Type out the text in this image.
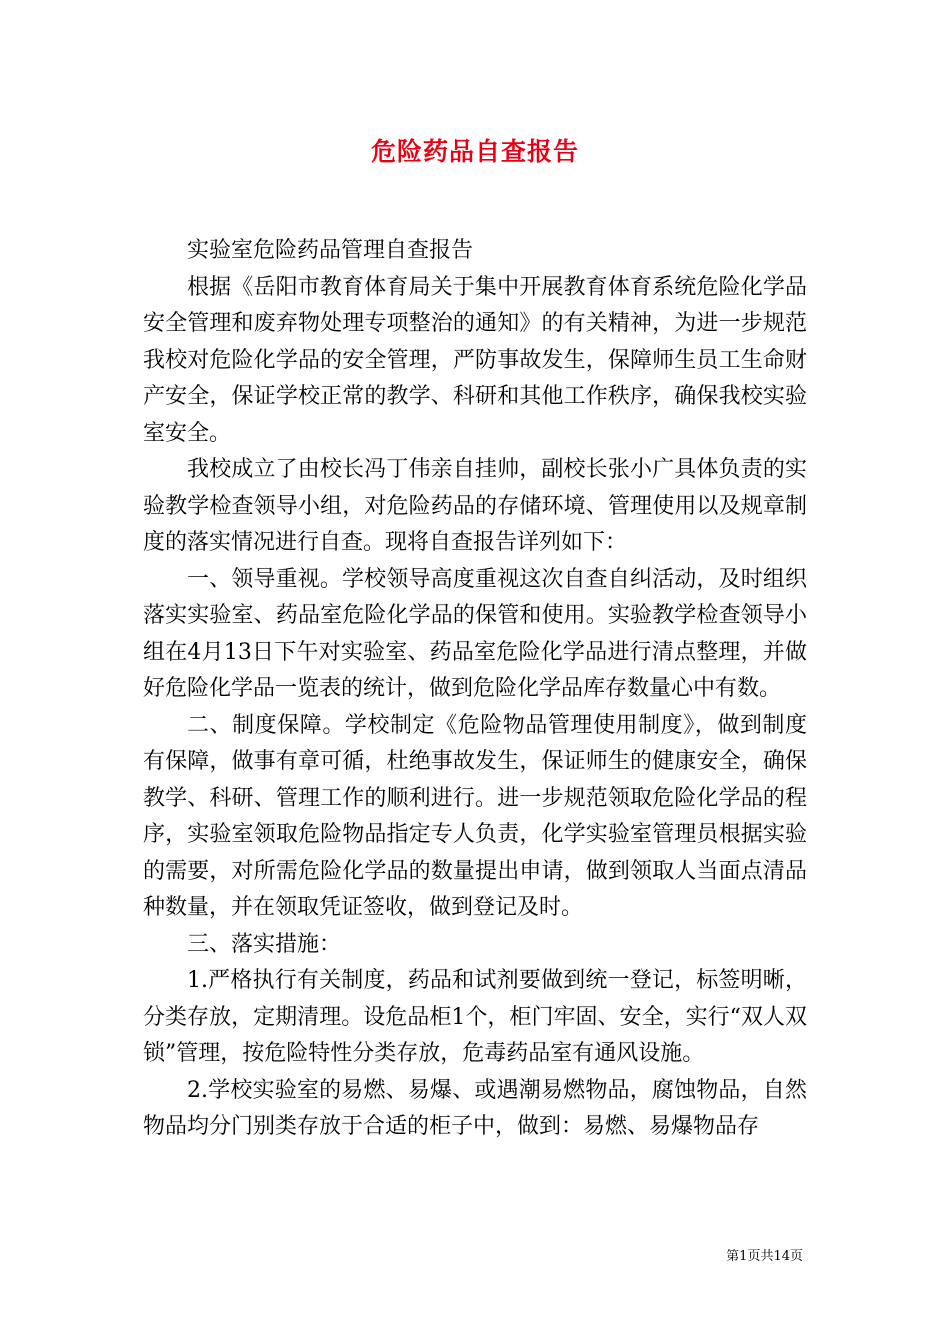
危险药品自查报告

实验室危险药品管理自查报告

根据《岳阳市教育体育局关于集中开展教育体育系统危险化学品安全管理和废弃物处理专项整治的通知》的有关精神，为进一步规范我校对危险化学品的安全管理，严防事故发生，保障师生员工生命财产安全，保证学校正常的教学、科研和其他工作秩序，确保我校实验室安全。

我校成立了由校长冯丁伟亲自挂帅，副校长张小广具体负责的实验教学检查领导小组，对危险药品的存储环境、管理使用以及规章制度的落实情况进行自查。现将自查报告详列如下：

一、领导重视。学校领导高度重视这次自查自纠活动，及时组织落实实验室、药品室危险化学品的保管和使用。实验教学检查领导小组在4月13日下午对实验室、药品室危险化学品进行清点整理，并做好危险化学品一览表的统计，做到危险化学品库存数量心中有数。

二、制度保障。学校制定《危险物品管理使用制度》，做到制度有保障，做事有章可循，杜绝事故发生，保证师生的健康安全，确保教学、科研、管理工作的顺利进行。进一步规范领取危险化学品的程序，实验室领取危险物品指定专人负责，化学实验室管理员根据实验的需要，对所需危险化学品的数量提出申请，做到领取人当面点清品种数量，并在领取凭证签收，做到登记及时。

三、落实措施：

1.严格执行有关制度，药品和试剂要做到统一登记，标签明晰，分类存放，定期清理。设危品柜1个，柜门牢固、安全，实行“双人双锁”管理，按危险特性分类存放，危毒药品室有通风设施。

2.学校实验室的易燃、易爆、或遇潮易燃物品，腐蚀物品，自然物品均分门别类存放于合适的柜子中，做到：易燃、易爆物品存

第1页共14页
